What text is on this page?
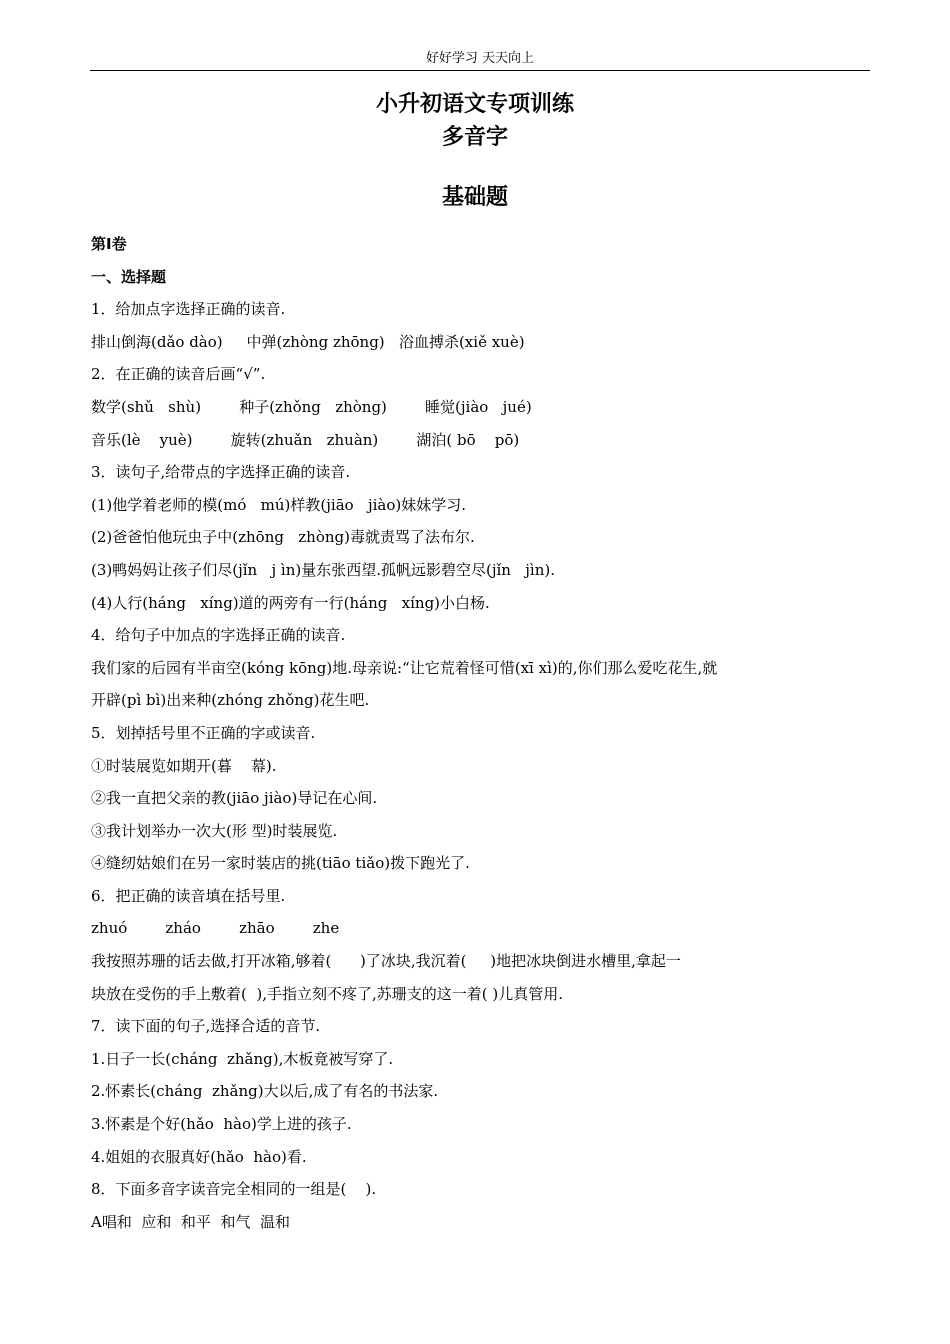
好好学习 天天向上
小升初语文专项训练
多音字
基础题
第Ⅰ卷
一、选择题
1．给加点字选择正确的读音.
排山倒海(dǎo dào)     中弹(zhòng zhōng)   浴血搏杀(xiě xuè)
2．在正确的读音后画“√”.
数学(shǔ   shù)        种子(zhǒng   zhòng)        睡觉(jiào   jué)
音乐(lè    yuè)        旋转(zhuǎn   zhuàn)        湖泊( bō    pō)
3．读句子,给带点的字选择正确的读音.
(1)他学着老师的模(mó   mú)样教(jiāo   jiào)妹妹学习.
(2)爸爸怕他玩虫子中(zhōng   zhòng)毒就责骂了法布尔.
(3)鸭妈妈让孩子们尽(jǐn   j ìn)量东张西望.孤帆远影碧空尽(jǐn   jìn).
(4)人行(háng   xíng)道的两旁有一行(háng   xíng)小白杨.
4．给句子中加点的字选择正确的读音.
我们家的后园有半亩空(kóng kōng)地.母亲说:“让它荒着怪可惜(xī xì)的,你们那么爱吃花生,就
开辟(pì bì)出来种(zhóng zhǒng)花生吧.
5．划掉括号里不正确的字或读音.
①时装展览如期开(暮    幕).
②我一直把父亲的教(jiāo jiào)导记在心间.
③我计划举办一次大(形 型)时装展览.
④缝纫姑娘们在另一家时装店的挑(tiāo tiǎo)拨下跑光了.
6．把正确的读音填在括号里.
zhuó        zháo        zhāo        zhe
我按照苏珊的话去做,打开冰箱,够着(      )了冰块,我沉着(     )地把冰块倒进水槽里,拿起一
块放在受伤的手上敷着(  ),手指立刻不疼了,苏珊支的这一着( )儿真管用.
7．读下面的句子,选择合适的音节.
1.日子一长(cháng  zhǎng),木板竟被写穿了.
2.怀素长(cháng  zhǎng)大以后,成了有名的书法家.
3.怀素是个好(hǎo  hào)学上进的孩子.
4.姐姐的衣服真好(hǎo  hào)看.
8．下面多音字读音完全相同的一组是(    ).
A唱和  应和  和平  和气  温和
